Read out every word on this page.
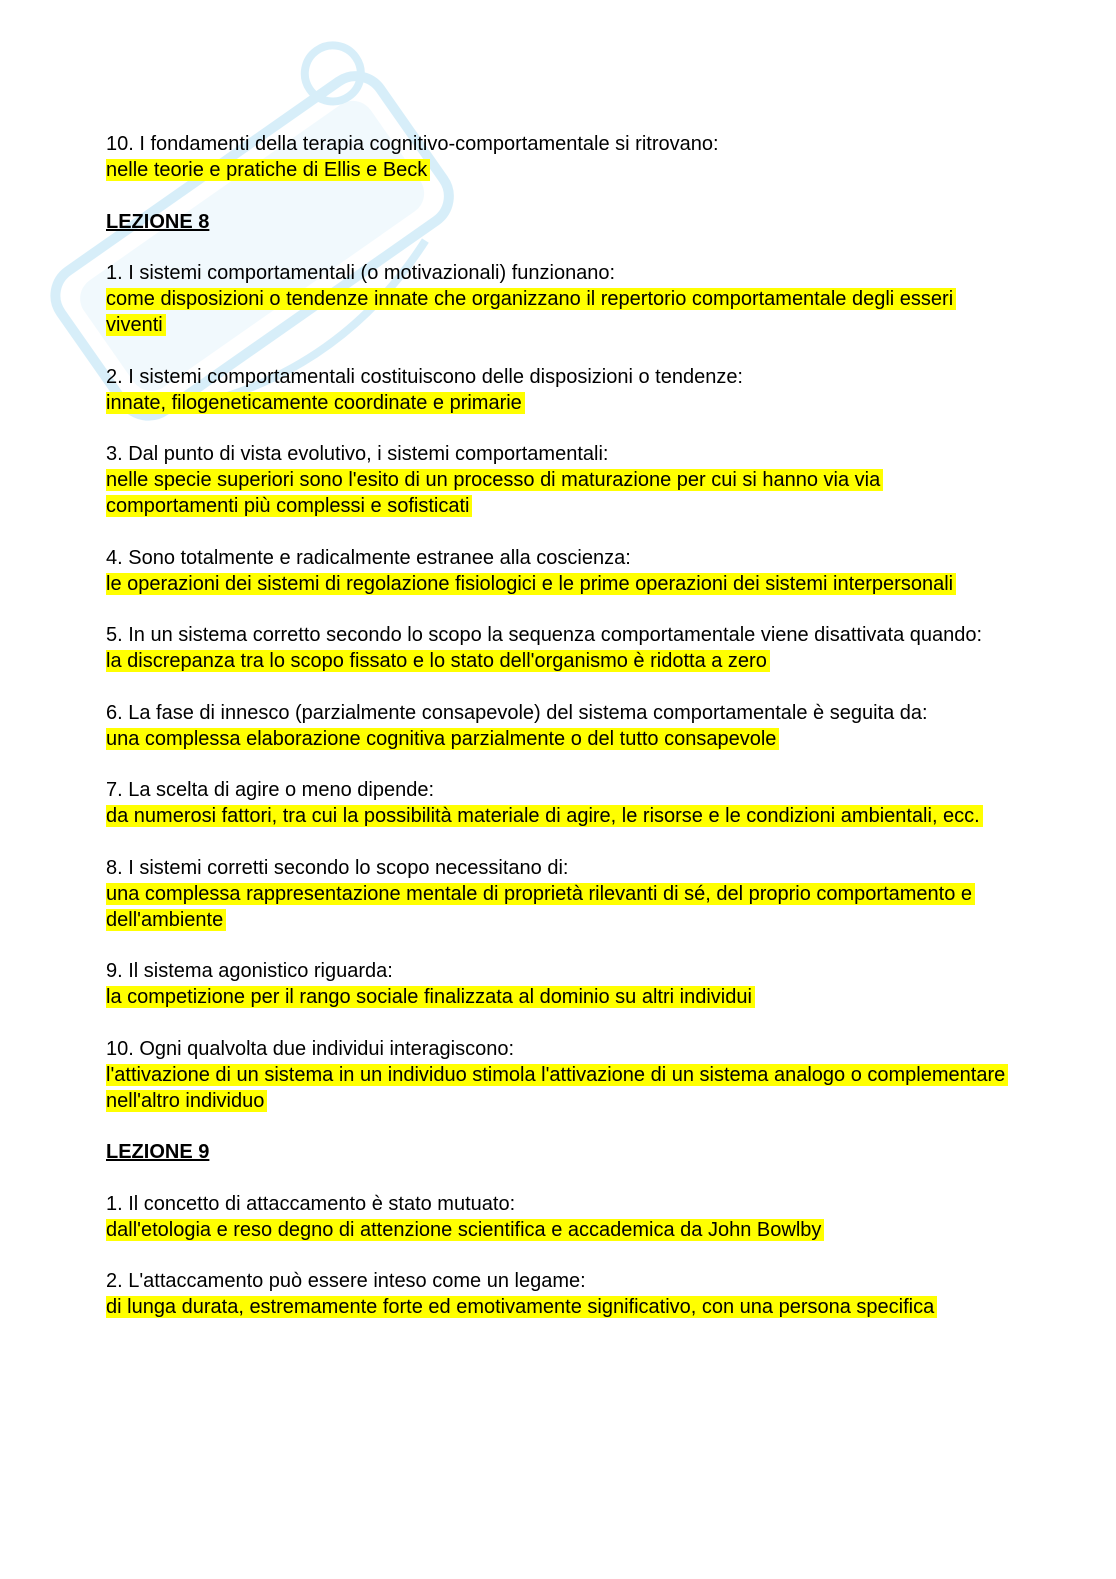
10. I fondamenti della terapia cognitivo-comportamentale si ritrovano:
nelle teorie e pratiche di Ellis e Beck
LEZIONE 8
1. I sistemi comportamentali (o motivazionali) funzionano:
come disposizioni o tendenze innate che organizzano il repertorio comportamentale degli esseri viventi
2. I sistemi comportamentali costituiscono delle disposizioni o tendenze:
innate, filogeneticamente coordinate e primarie
3. Dal punto di vista evolutivo, i sistemi comportamentali:
nelle specie superiori sono l'esito di un processo di maturazione per cui si hanno via via comportamenti più complessi e sofisticati
4. Sono totalmente e radicalmente estranee alla coscienza:
le operazioni dei sistemi di regolazione fisiologici e le prime operazioni dei sistemi interpersonali
5. In un sistema corretto secondo lo scopo la sequenza comportamentale viene disattivata quando:
la discrepanza tra lo scopo fissato e lo stato dell'organismo è ridotta a zero
6. La fase di innesco (parzialmente consapevole) del sistema comportamentale è seguita da:
una complessa elaborazione cognitiva parzialmente o del tutto consapevole
7. La scelta di agire o meno dipende:
da numerosi fattori, tra cui la possibilità materiale di agire, le risorse e le condizioni ambientali, ecc.
8. I sistemi corretti secondo lo scopo necessitano di:
una complessa rappresentazione mentale di proprietà rilevanti di sé, del proprio comportamento e dell'ambiente
9. Il sistema agonistico riguarda:
la competizione per il rango sociale finalizzata al dominio su altri individui
10. Ogni qualvolta due individui interagiscono:
l'attivazione di un sistema in un individuo stimola l'attivazione di un sistema analogo o complementare nell'altro individuo
LEZIONE 9
1. Il concetto di attaccamento è stato mutuato:
dall'etologia e reso degno di attenzione scientifica e accademica da John Bowlby
2. L'attaccamento può essere inteso come un legame:
di lunga durata, estremamente forte ed emotivamente significativo, con una persona specifica
